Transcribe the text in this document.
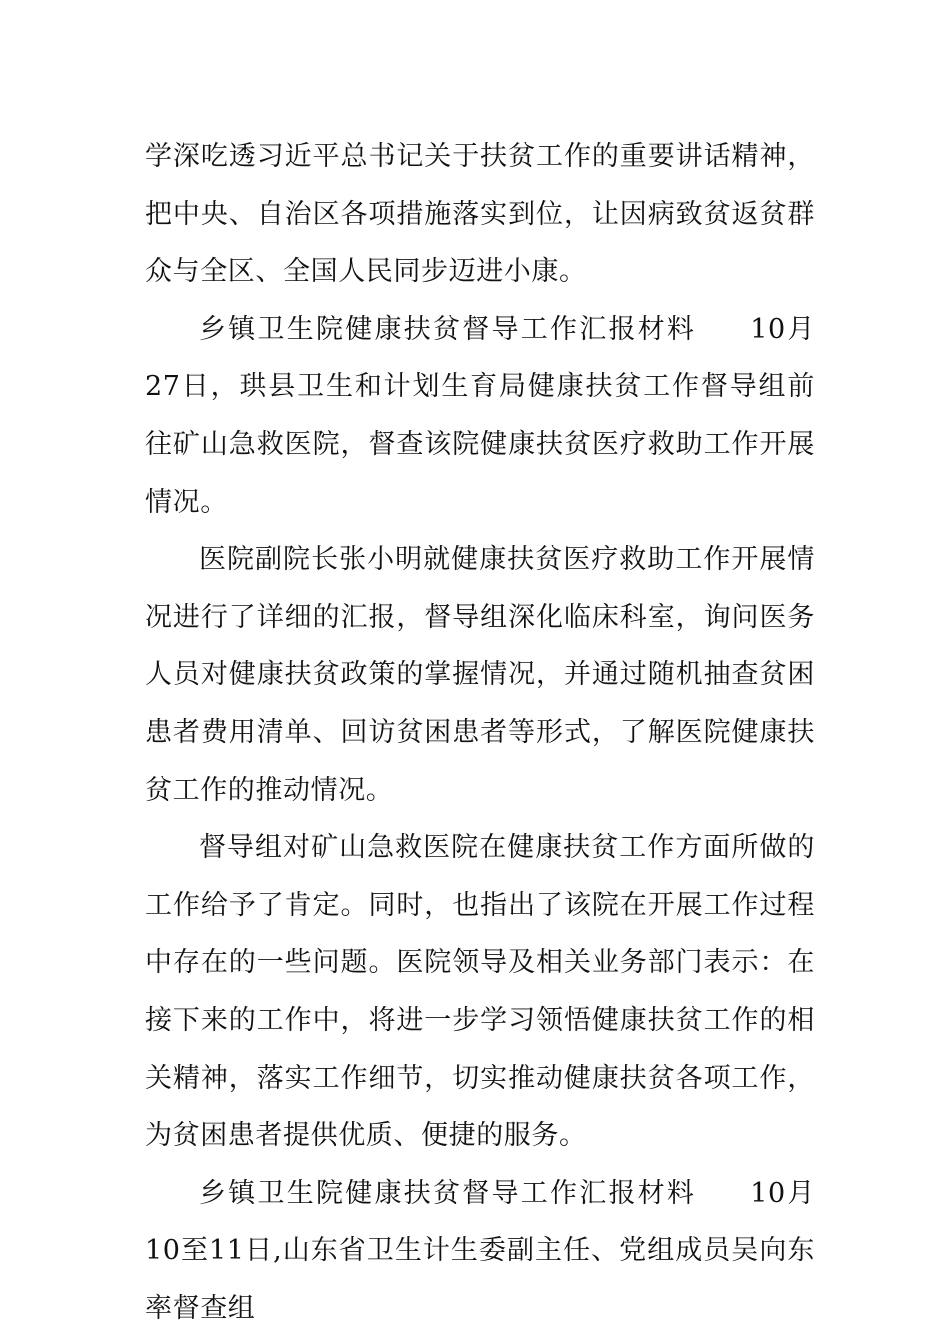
学深吃透习近平总书记关于扶贫工作的重要讲话精神，把中央、自治区各项措施落实到位，让因病致贫返贫群众与全区、全国人民同步迈进小康。

乡镇卫生院健康扶贫督导工作汇报材料 10月27日，珙县卫生和计划生育局健康扶贫工作督导组前往矿山急救医院，督查该院健康扶贫医疗救助工作开展情况。

医院副院长张小明就健康扶贫医疗救助工作开展情况进行了详细的汇报，督导组深化临床科室，询问医务人员对健康扶贫政策的掌握情况，并通过随机抽查贫困患者费用清单、回访贫困患者等形式，了解医院健康扶贫工作的推动情况。

督导组对矿山急救医院在健康扶贫工作方面所做的工作给予了肯定。同时，也指出了该院在开展工作过程中存在的一些问题。医院领导及相关业务部门表示：在接下来的工作中，将进一步学习领悟健康扶贫工作的相关精神，落实工作细节，切实推动健康扶贫各项工作，为贫困患者提供优质、便捷的服务。

乡镇卫生院健康扶贫督导工作汇报材料 10月10至11日,山东省卫生计生委副主任、党组成员吴向东率督查组
